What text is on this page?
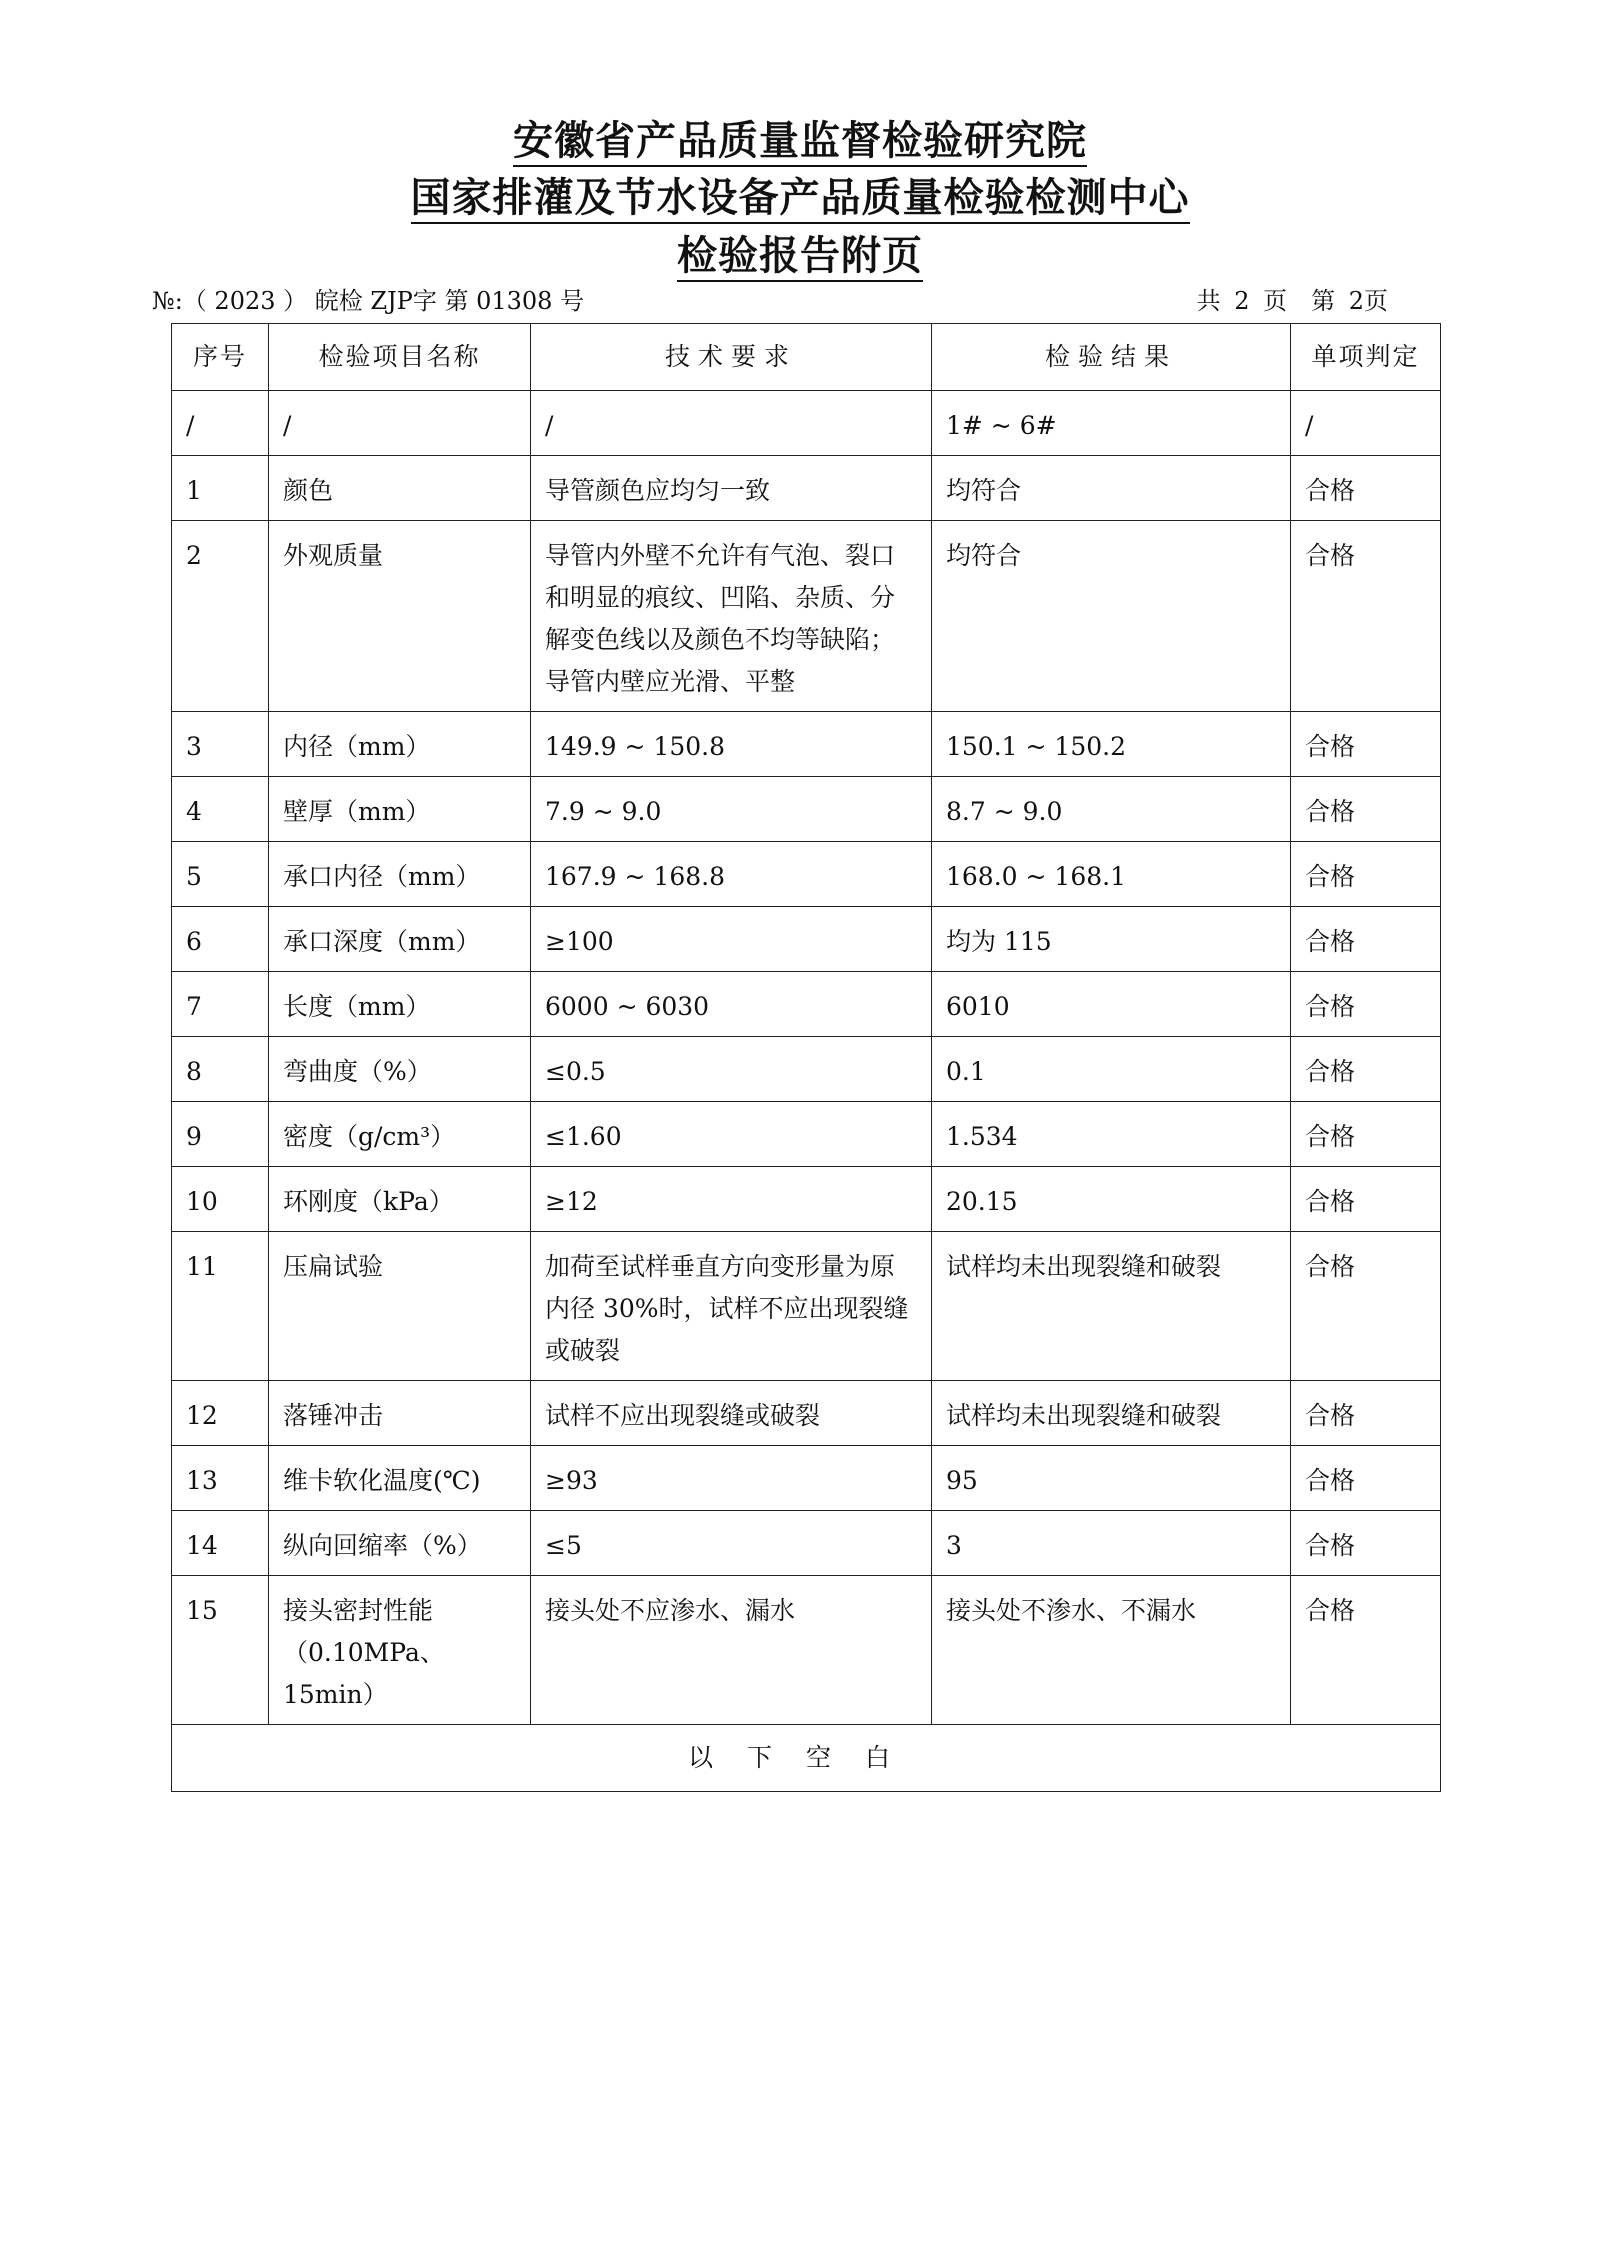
安徽省产品质量监督检验研究院
国家排灌及节水设备产品质量检验检测中心
检验报告附页
№:（ 2023 ） 皖检 ZJP字 第 01308 号	共 2 页　第 2页
序号	检验项目名称	技术要求	检验结果	单项判定
/	/	/	1# ~ 6#	/
1	颜色	导管颜色应均匀一致	均符合	合格
2	外观质量	导管内外壁不允许有气泡、裂口和明显的痕纹、凹陷、杂质、分解变色线以及颜色不均等缺陷；导管内壁应光滑、平整	均符合	合格
3	内径（mm）	149.9 ~ 150.8	150.1 ~ 150.2	合格
4	壁厚（mm）	7.9 ~ 9.0	8.7 ~ 9.0	合格
5	承口内径（mm）	167.9 ~ 168.8	168.0 ~ 168.1	合格
6	承口深度（mm）	≥100	均为 115	合格
7	长度（mm）	6000 ~ 6030	6010	合格
8	弯曲度（%）	≤0.5	0.1	合格
9	密度（g/cm³）	≤1.60	1.534	合格
10	环刚度（kPa）	≥12	20.15	合格
11	压扁试验	加荷至试样垂直方向变形量为原内径 30%时，试样不应出现裂缝或破裂	试样均未出现裂缝和破裂	合格
12	落锤冲击	试样不应出现裂缝或破裂	试样均未出现裂缝和破裂	合格
13	维卡软化温度(℃)	≥93	95	合格
14	纵向回缩率（%）	≤5	3	合格
15	接头密封性能（0.10MPa、15min）	接头处不应渗水、漏水	接头处不渗水、不漏水	合格
以下空白				
